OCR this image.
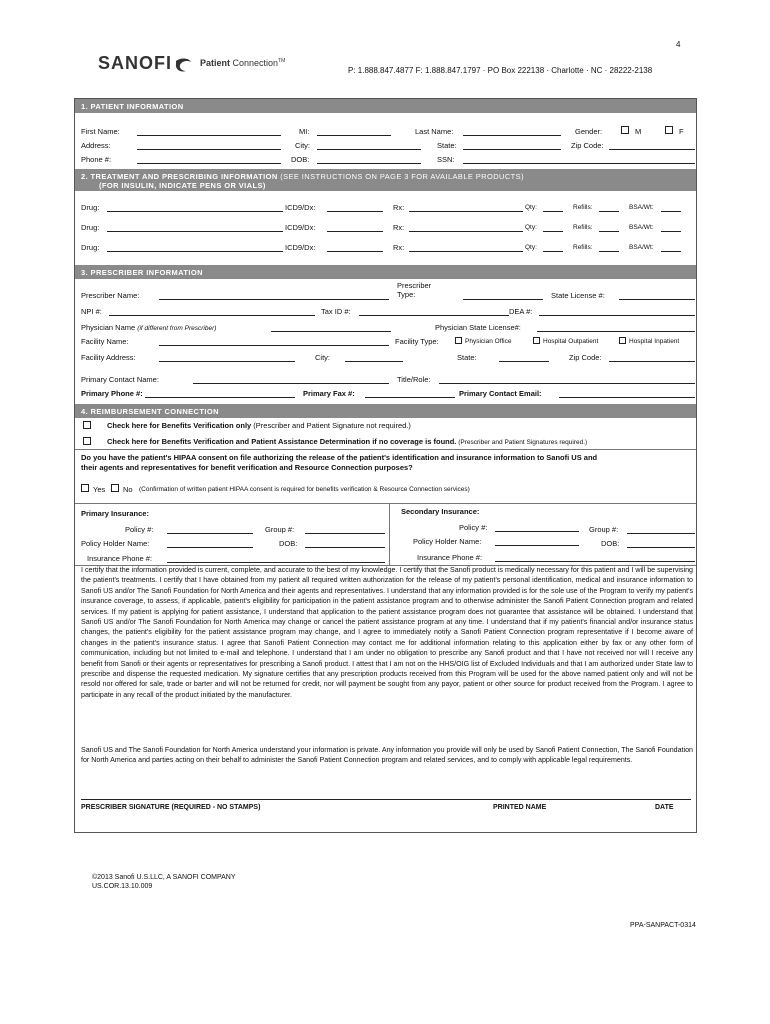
4
SANOFI	Patient Connection™
P: 1.888.847.4877 F: 1.888.847.1797 · PO Box 222138 · Charlotte · NC · 28222-2138
1. PATIENT INFORMATION
First Name:	MI:	Last Name:	Gender:	M	F
Address:	City:	State:	Zip Code:
Phone #:	DOB:	SSN:
2. TREATMENT AND PRESCRIBING INFORMATION (SEE INSTRUCTIONS ON PAGE 3 FOR AVAILABLE PRODUCTS)
(FOR INSULIN, INDICATE PENS OR VIALS)
Drug:	ICD9/Dx:	Rx:	Qty:	Refills:	BSA/Wt:
Drug:	ICD9/Dx:	Rx:	Qty:	Refills:	BSA/Wt:
Drug:	ICD9/Dx:	Rx:	Qty:	Refills:	BSA/Wt:
3. PRESCRIBER INFORMATION
Prescriber Name:
Prescriber
Type:	State License #:
NPI #:	Tax ID #:	DEA #:
Physician Name (if different from Prescriber)	Physician State License#:
Facility Name:	Facility Type:	Physician Office	Hospital Outpatient	Hospital Inpatient
Facility Address:	City:	State:	Zip Code:
Primary Contact Name:	Title/Role:
Primary Phone #:	Primary Fax #:	Primary Contact Email:
4. REIMBURSEMENT CONNECTION
Check here for Benefits Verification only (Prescriber and Patient Signature not required.)
Check here for Benefits Verification and Patient Assistance Determination if no coverage is found. (Prescriber and Patient Signatures required.)
Do you have the patient's HIPAA consent on file authorizing the release of the patient's identification and insurance information to Sanofi US and
their agents and representatives for benefit verification and Resource Connection purposes?
Yes No (Confirmation of written patient HIPAA consent is required for benefits verification & Resource Connection services)
Primary Insurance:
Policy #:	Group #:
Policy Holder Name:	DOB:
Insurance Phone #:
Secondary Insurance:
Policy #:	Group #:
Policy Holder Name:	DOB:
Insurance Phone #:
I certify that the information provided is current, complete, and accurate to the best of my knowledge. I certify that the Sanofi product is medically necessary for this patient and I will be supervising the patient's treatments. I certify that I have obtained from my patient all required written authorization for the release of my patient's personal identification, medical and insurance information to Sanofi US and/or The Sanofi Foundation for North America and their agents and representatives. I understand that any information provided is for the sole use of the Program to verify my patient's insurance coverage, to assess, if applicable, patient's eligibility for participation in the patient assistance program and to otherwise administer the Sanofi Patient Connection program and related services. If my patient is applying for patient assistance, I understand that application to the patient assistance program does not guarantee that assistance will be obtained. I understand that Sanofi US and/or The Sanofi Foundation for North America may change or cancel the patient assistance program at any time. I understand that if my patient's financial and/or insurance status changes, the patient's eligibility for the patient assistance program may change, and I agree to immediately notify a Sanofi Patient Connection program representative if I become aware of changes in the patient's insurance status. I agree that Sanofi Patient Connection may contact me for additional information relating to this application either by fax or any other form of communication, including but not limited to e-mail and telephone. I understand that I am under no obligation to prescribe any Sanofi product and that I have not received nor will I receive any benefit from Sanofi or their agents or representatives for prescribing a Sanofi product. I attest that I am not on the HHS/OIG list of Excluded Individuals and that I am authorized under State law to prescribe and dispense the requested medication. My signature certifies that any prescription products received from this Program will be used for the above named patient only and will not be resold nor offered for sale, trade or barter and will not be returned for credit, nor will payment be sought from any payor, patient or other source for product received from the Program. I agree to participate in any recall of the product initiated by the manufacturer.
Sanofi US and The Sanofi Foundation for North America understand your information is private. Any information you provide will only be used by Sanofi Patient Connection, The Sanofi Foundation for North America and parties acting on their behalf to administer the Sanofi Patient Connection program and related services, and to comply with applicable legal requirements.
PRESCRIBER SIGNATURE (REQUIRED - NO STAMPS)	PRINTED NAME	DATE
©2013 Sanofi U.S.LLC, A SANOFI COMPANY
US.COR.13.10.009
PPA-SANPACT-0314
